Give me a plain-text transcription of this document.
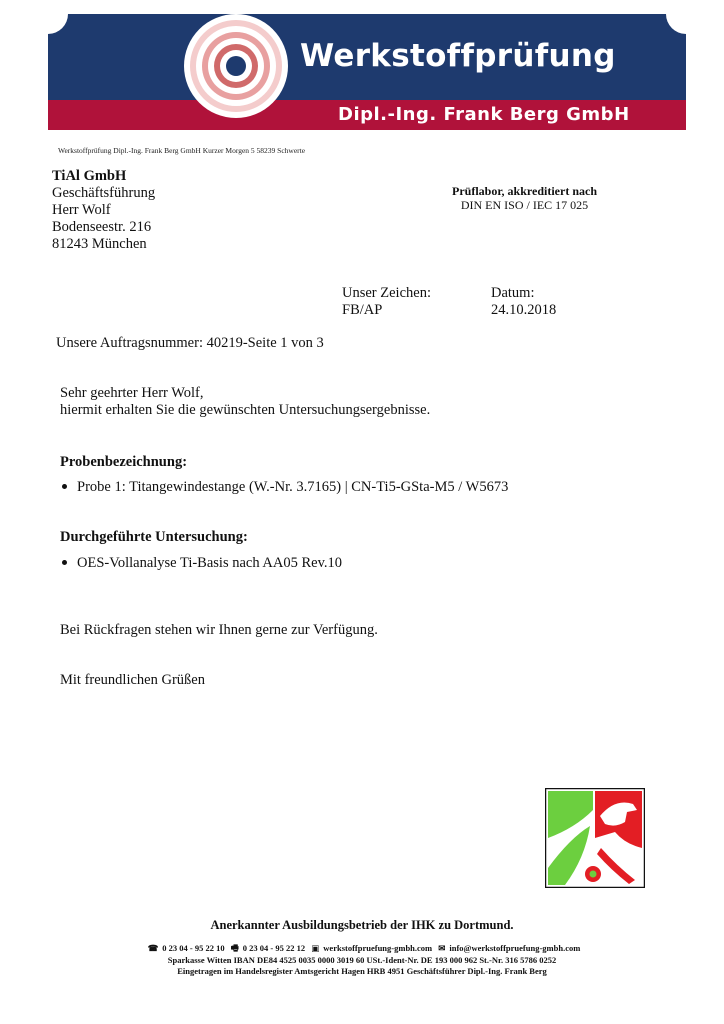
Werkstoffprüfung
Dipl.-Ing. Frank Berg GmbH
Werkstoffprüfung Dipl.-Ing. Frank Berg GmbH Kurzer Morgen 5 58239 Schwerte
TiAl GmbH
Geschäftsführung
Herr Wolf
Bodenseestr. 216
81243 München
Prüflabor, akkreditiert nach
DIN EN ISO / IEC 17 025
Unser Zeichen:
FB/AP
Datum:
24.10.2018
Unsere Auftragsnummer: 40219-Seite 1 von 3
Sehr geehrter Herr Wolf,
hiermit erhalten Sie die gewünschten Untersuchungsergebnisse.
Probenbezeichnung:
Probe 1: Titangewindestange (W.-Nr. 3.7165) | CN-Ti5-GSta-M5 / W5673
Durchgeführte Untersuchung:
OES-Vollanalyse Ti-Basis nach AA05 Rev.10
Bei Rückfragen stehen wir Ihnen gerne zur Verfügung.
Mit freundlichen Grüßen
Anerkannter Ausbildungsbetrieb der IHK zu Dortmund.
☎ 0 23 04 - 95 22 10 🖷 0 23 04 - 95 22 12 ▣ werkstoffpruefung-gmbh.com ✉ info@werkstoffpruefung-gmbh.com
Sparkasse Witten IBAN DE84 4525 0035 0000 3019 60 USt.-Ident-Nr. DE 193 000 962 St.-Nr. 316 5786 0252
Eingetragen im Handelsregister Amtsgericht Hagen HRB 4951 Geschäftsführer Dipl.-Ing. Frank Berg
